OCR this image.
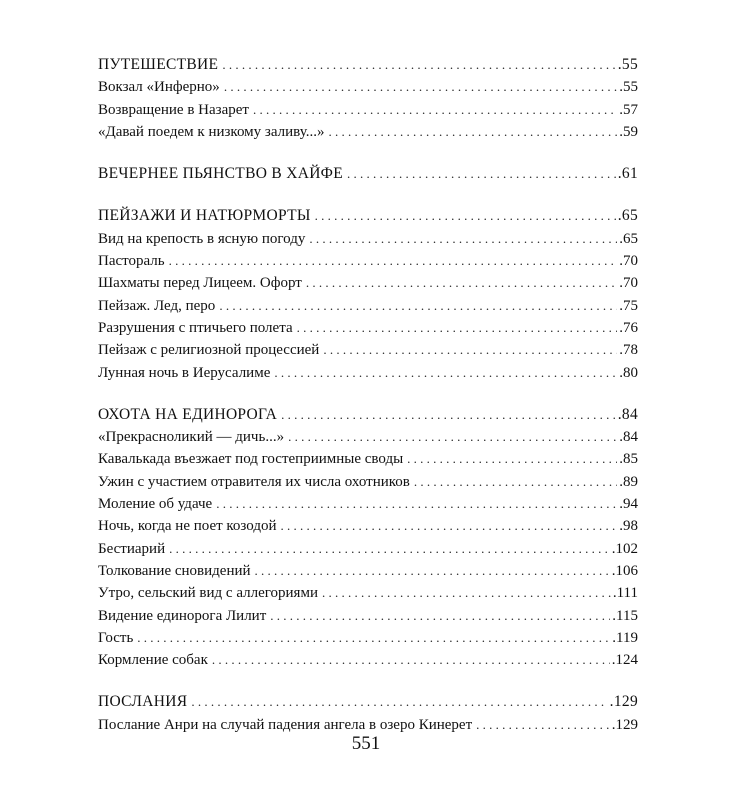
ПУТЕШЕСТВИЕ . . .	.55
Вокзал «Инферно» . . .	.55
Возвращение в Назарет . . .	.57
«Давай поедем к низкому заливу...» . . .	.59
ВЕЧЕРНЕЕ ПЬЯНСТВО В ХАЙФЕ . . .	.61
ПЕЙЗАЖИ И НАТЮРМОРТЫ . . .	.65
Вид на крепость в ясную погоду . . .	.65
Пастораль . . .	.70
Шахматы перед Лицеем. Офорт . . .	.70
Пейзаж. Лед, перо . . .	.75
Разрушения с птичьего полета . . .	.76
Пейзаж с религиозной процессией . . .	.78
Лунная ночь в Иерусалиме . . .	.80
ОХОТА НА ЕДИНОРОГА . . .	.84
«Прекрасноликий — дичь...» . . .	.84
Кавалькада въезжает под гостеприимные своды . . .	.85
Ужин с участием отравителя их числа охотников . . .	.89
Моление об удаче . . .	.94
Ночь, когда не поет козодой . . .	.98
Бестиарий . . .	.102
Толкование сновидений . . .	.106
Утро, сельский вид с аллегориями . . .	.111
Видение единорога Лилит . . .	.115
Гость . . .	.119
Кормление собак . . .	.124
ПОСЛАНИЯ . . .	.129
Послание Анри на случай падения ангела в озеро Кинерет . . .	.129
551
